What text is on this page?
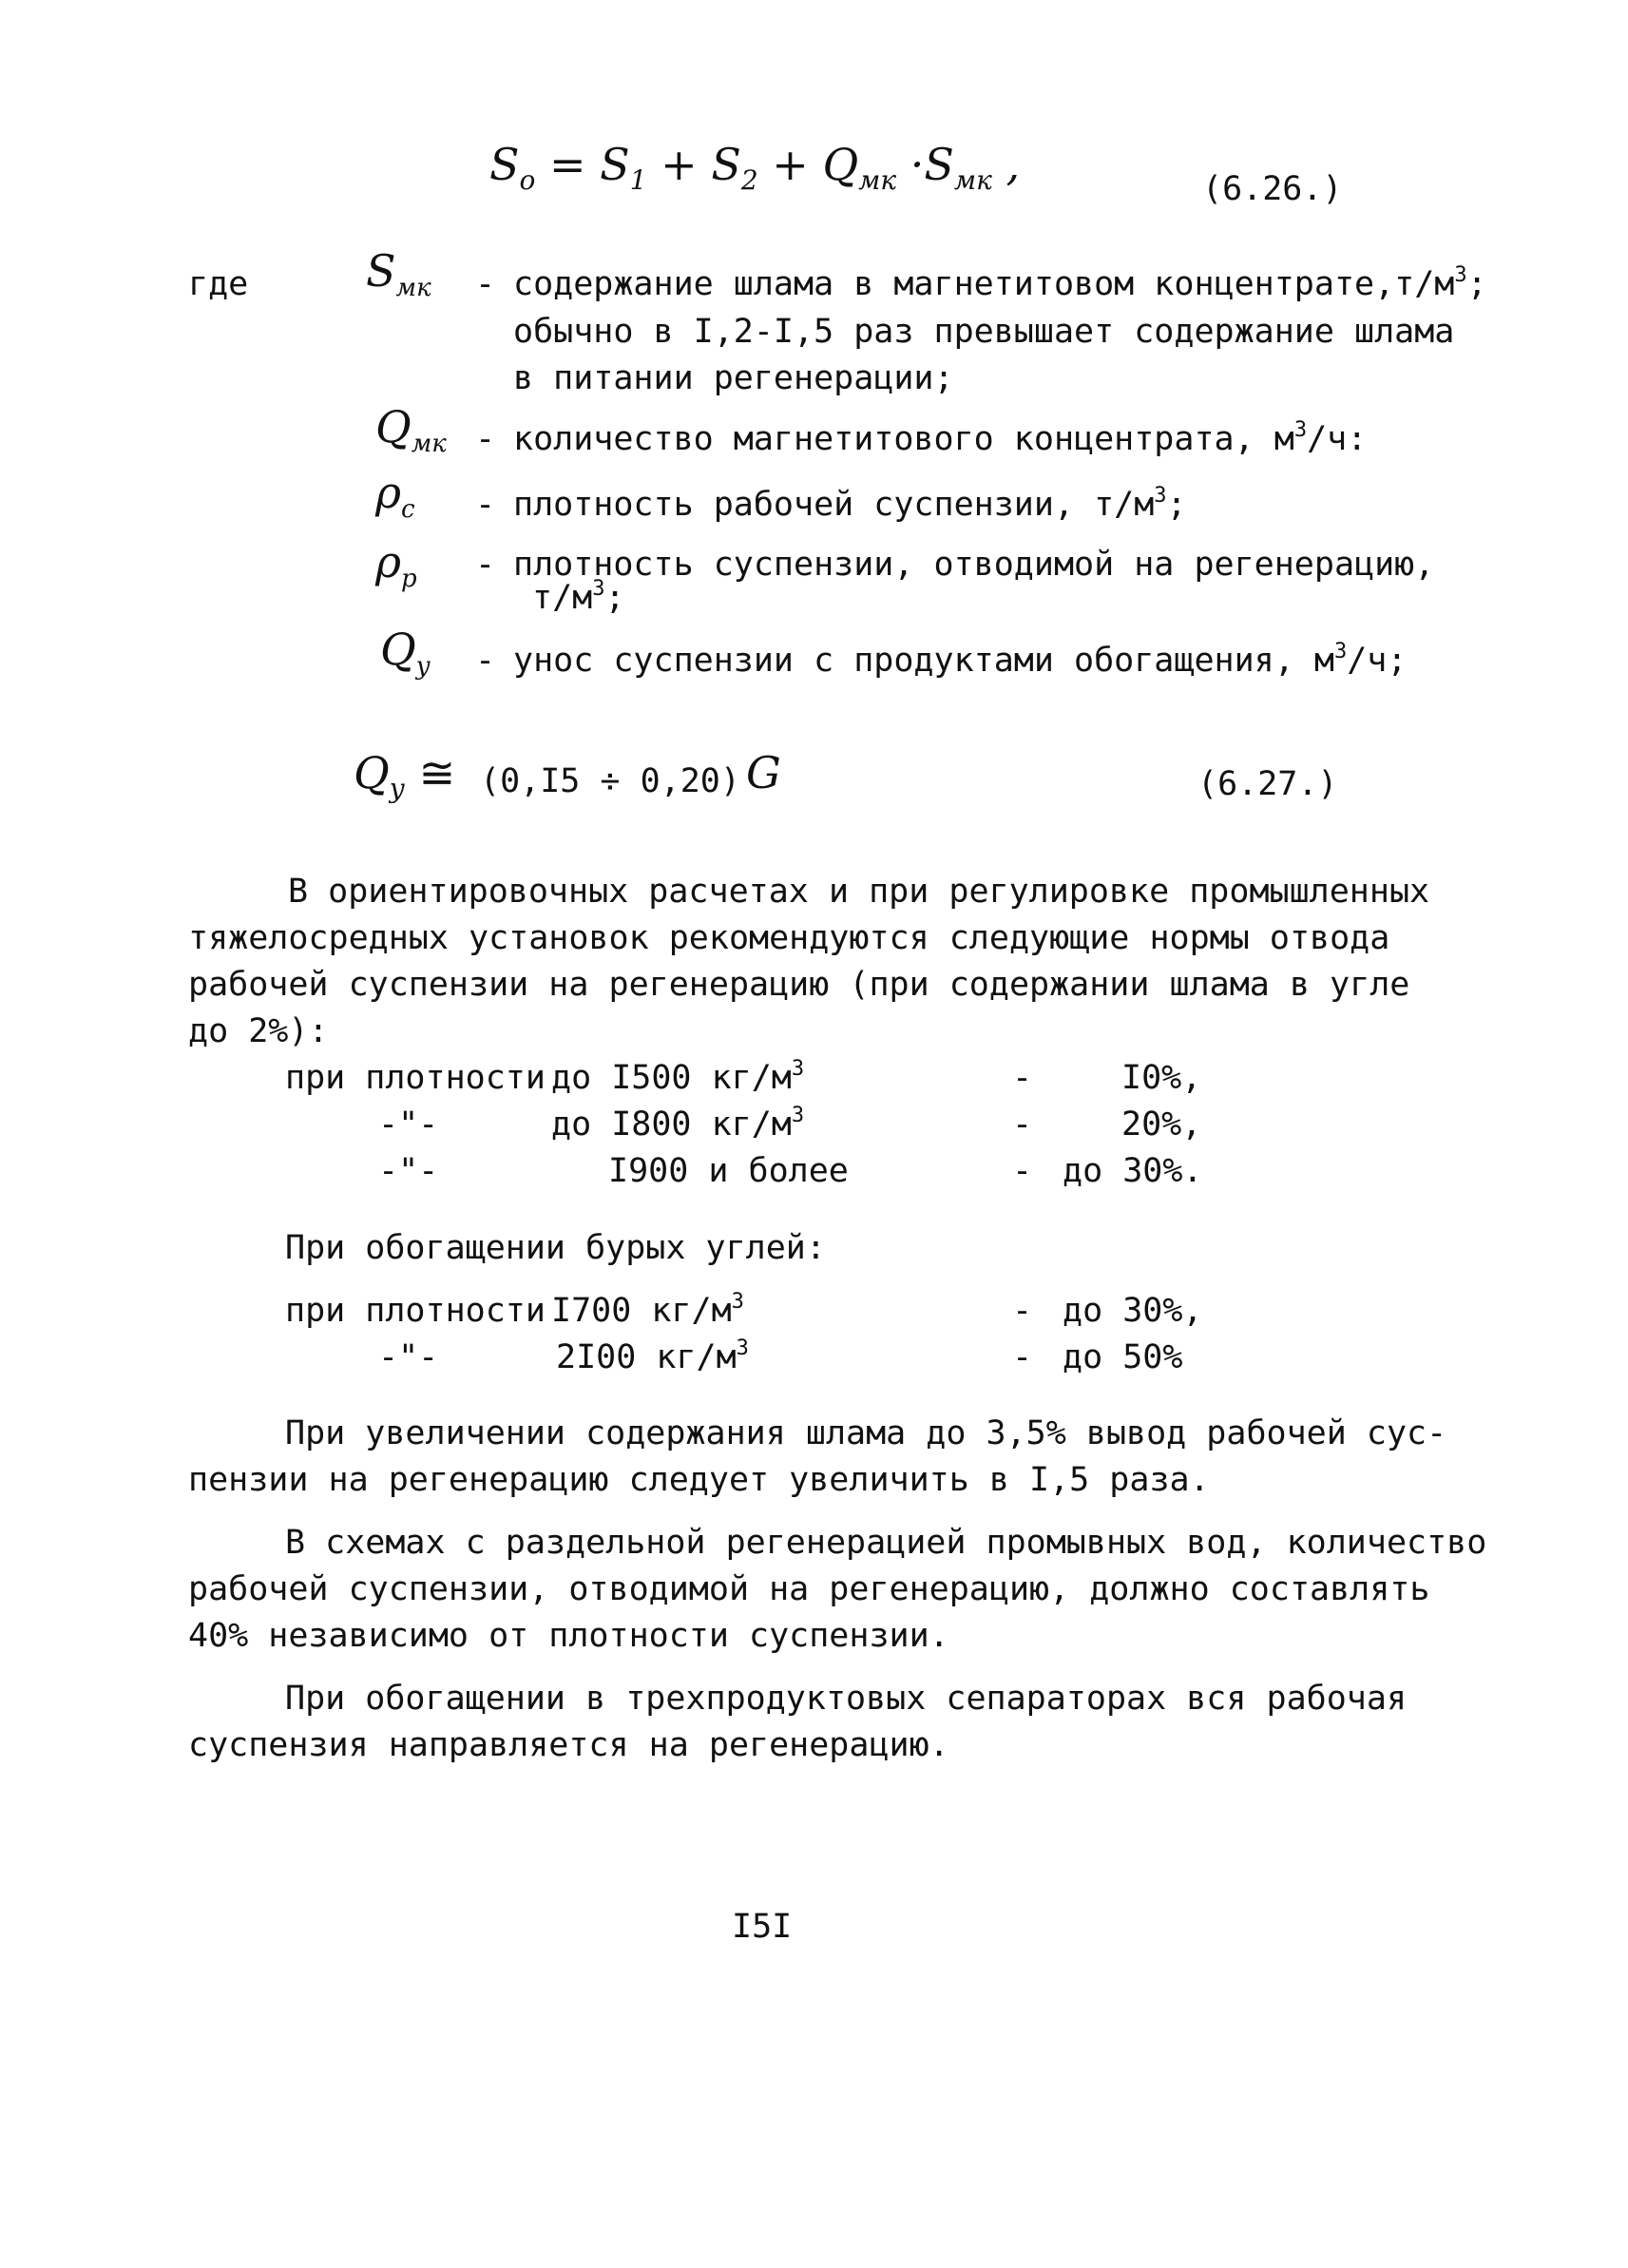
$S_o = S_1 + S_2 + Q_{мк} \cdot S_{мк}$ ,	(6.26.)
где	$S_{мк}$ - содержание шлама в магнетитовом $концентрате,т/м^3$;
обычно в I,2-I,5 раз превышает содержание шлама
в питании регенерации;
$Q_{мк}$ - количество магнетитового концентрата, $м^3/ч$:
$\rho_с$ - плотность рабочей суспензии, $т/м^3$;
$\rho_р$ - плотность суспензии, отводимой на регенерацию,
$т/м^3$;
$Q_у$ - унос суспензии с продуктами обогащения, $м^3/ч$;
$Q_у$ ≅ (0,I5 ÷ 0,20) G	(6.27.)
В ориентировочных расчетах и при регулировке промышленных
тяжелосредных установок рекомендуются следующие нормы отвода
рабочей суспензии на регенерацию (при содержании шлама в угле
до 2%):
при плотности до I500 $кг/м^3$	-	I0%,
-"-	до I800 $кг/м^3$	-	20%,
-"-	I900 и более	- до 30%.
При обогащении бурых углей:
при плотности I700 $кг/м^3$	- до 30%,
-"-	2I00 $кг/м^3$	- до 50%
При увеличении содержания шлама до 3,5% вывод рабочей сус-
пензии на регенерацию следует увеличить в I,5 раза.
В схемах с раздельной регенерацией промывных вод, количество
рабочей суспензии, отводимой на регенерацию, должно составлять
40% независимо от плотности суспензии.
При обогащении в трехпродуктовых сепараторах вся рабочая
суспензия направляется на регенерацию.
I5I
